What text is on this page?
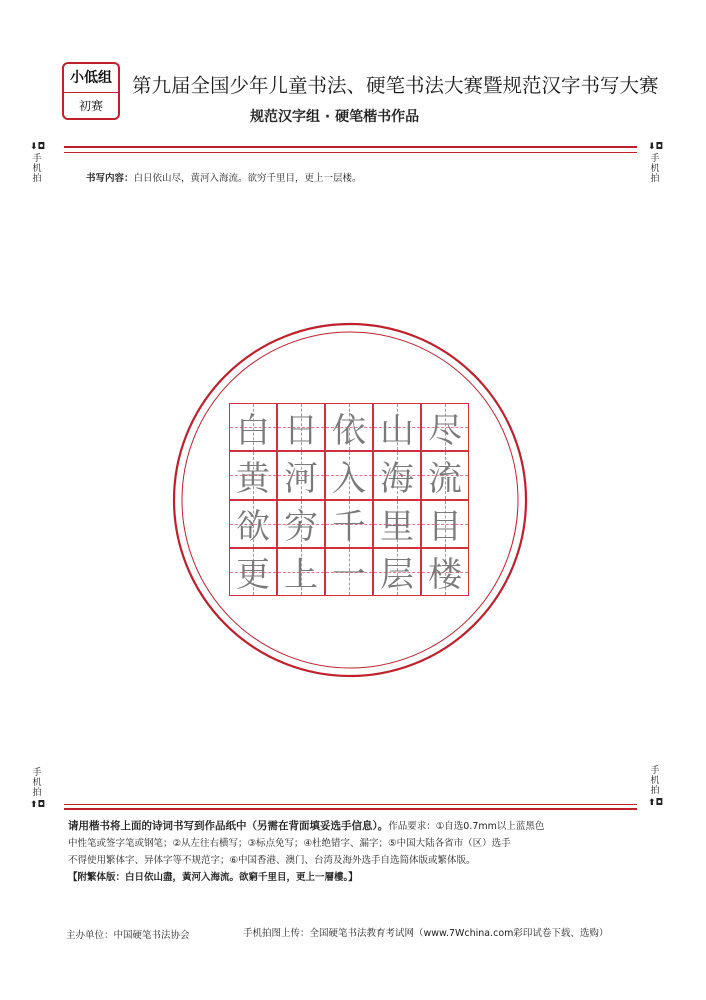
小低组
初赛
第九届全国少年儿童书法、硬笔书法大赛暨规范汉字书写大赛
规范汉字组 · 硬笔楷书作品
⬇◘
手机拍
⬇◘
手机拍
书写内容：白日依山尽，黄河入海流。欲穷千里目，更上一层楼。
白 日 依 山 尽
黄 河 入 海 流
欲 穷 千 里 目
更 上 一 层 楼
手机拍
⬆◘
手机拍
⬆◘
请用楷书将上面的诗词书写到作品纸中（另需在背面填妥选手信息）。作品要求：①自选0.7mm以上蓝黑色
中性笔或签字笔或钢笔；②从左往右横写；③标点免写；④杜绝错字、漏字；⑤中国大陆各省市（区）选手
不得使用繁体字、异体字等不规范字；⑥中国香港、澳门、台湾及海外选手自选简体版或繁体版。
【附繁体版：白日依山盡，黃河入海流。欲窮千里目，更上一層樓。】
主办单位：中国硬笔书法协会	手机拍图上传：全国硬笔书法教育考试网（www.7Wchina.com彩印试卷下载、选购）
